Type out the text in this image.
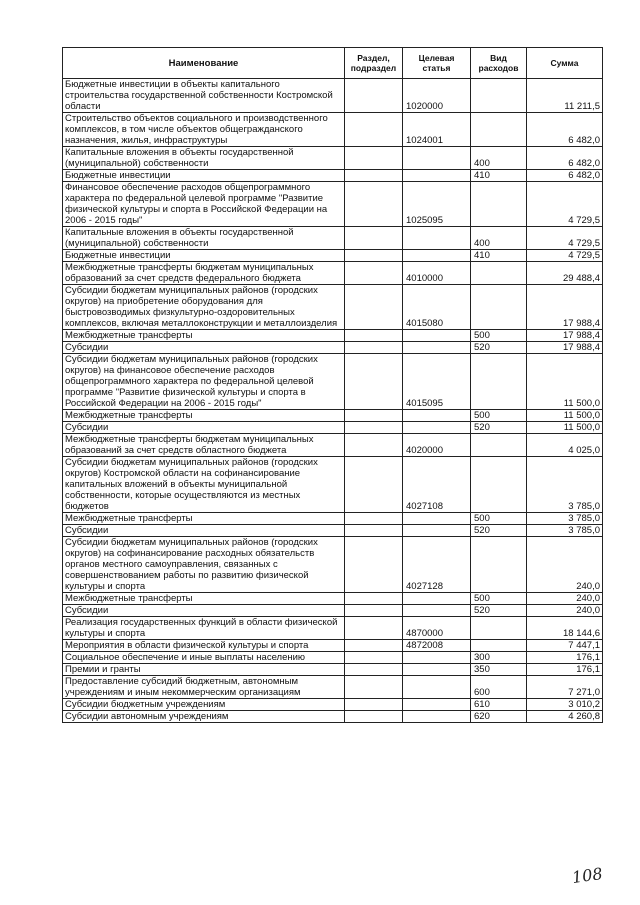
Наименование	Раздел, подраздел	Целевая статья	Вид расходов	Сумма
Бюджетные инвестиции в объекты капитального строительства государственной собственности Костромской области		1020000		11 211,5
Строительство объектов социального и производственного комплексов, в том числе объектов общегражданского назначения, жилья, инфраструктуры		1024001		6 482,0
Капитальные вложения в объекты государственной (муниципальной) собственности			400	6 482,0
Бюджетные инвестиции			410	6 482,0
Финансовое обеспечение расходов общепрограммного характера по федеральной целевой программе "Развитие физической культуры и спорта в Российской Федерации на 2006 - 2015 годы"		1025095		4 729,5
Капитальные вложения в объекты государственной (муниципальной) собственности			400	4 729,5
Бюджетные инвестиции			410	4 729,5
Межбюджетные трансферты бюджетам муниципальных образований за счет средств федерального бюджета		4010000		29 488,4
Субсидии бюджетам муниципальных районов (городских округов) на приобретение оборудования для быстровозводимых физкультурно-оздоровительных комплексов, включая металлоконструкции и металлоизделия		4015080		17 988,4
Межбюджетные трансферты			500	17 988,4
Субсидии			520	17 988,4
Субсидии бюджетам муниципальных районов (городских округов) на финансовое обеспечение расходов общепрограммного характера по федеральной целевой программе "Развитие физической культуры и спорта в Российской Федерации на 2006 - 2015 годы"		4015095		11 500,0
Межбюджетные трансферты			500	11 500,0
Субсидии			520	11 500,0
Межбюджетные трансферты бюджетам муниципальных образований за счет средств областного бюджета		4020000		4 025,0
Субсидии бюджетам муниципальных районов (городских округов) Костромской области на софинансирование капитальных вложений в объекты муниципальной собственности, которые осуществляются из местных бюджетов		4027108		3 785,0
Межбюджетные трансферты			500	3 785,0
Субсидии			520	3 785,0
Субсидии бюджетам муниципальных районов (городских округов) на софинансирование расходных обязательств органов местного самоуправления, связанных с совершенствованием работы по развитию физической культуры и спорта		4027128		240,0
Межбюджетные трансферты			500	240,0
Субсидии			520	240,0
Реализация государственных функций в области физической культуры и спорта		4870000		18 144,6
Мероприятия в области физической культуры и спорта		4872008		7 447,1
Социальное обеспечение и иные выплаты населению			300	176,1
Премии и гранты			350	176,1
Предоставление субсидий бюджетным, автономным учреждениям и иным некоммерческим организациям			600	7 271,0
Субсидии бюджетным учреждениям			610	3 010,2
Субсидии автономным учреждениям			620	4 260,8
108
